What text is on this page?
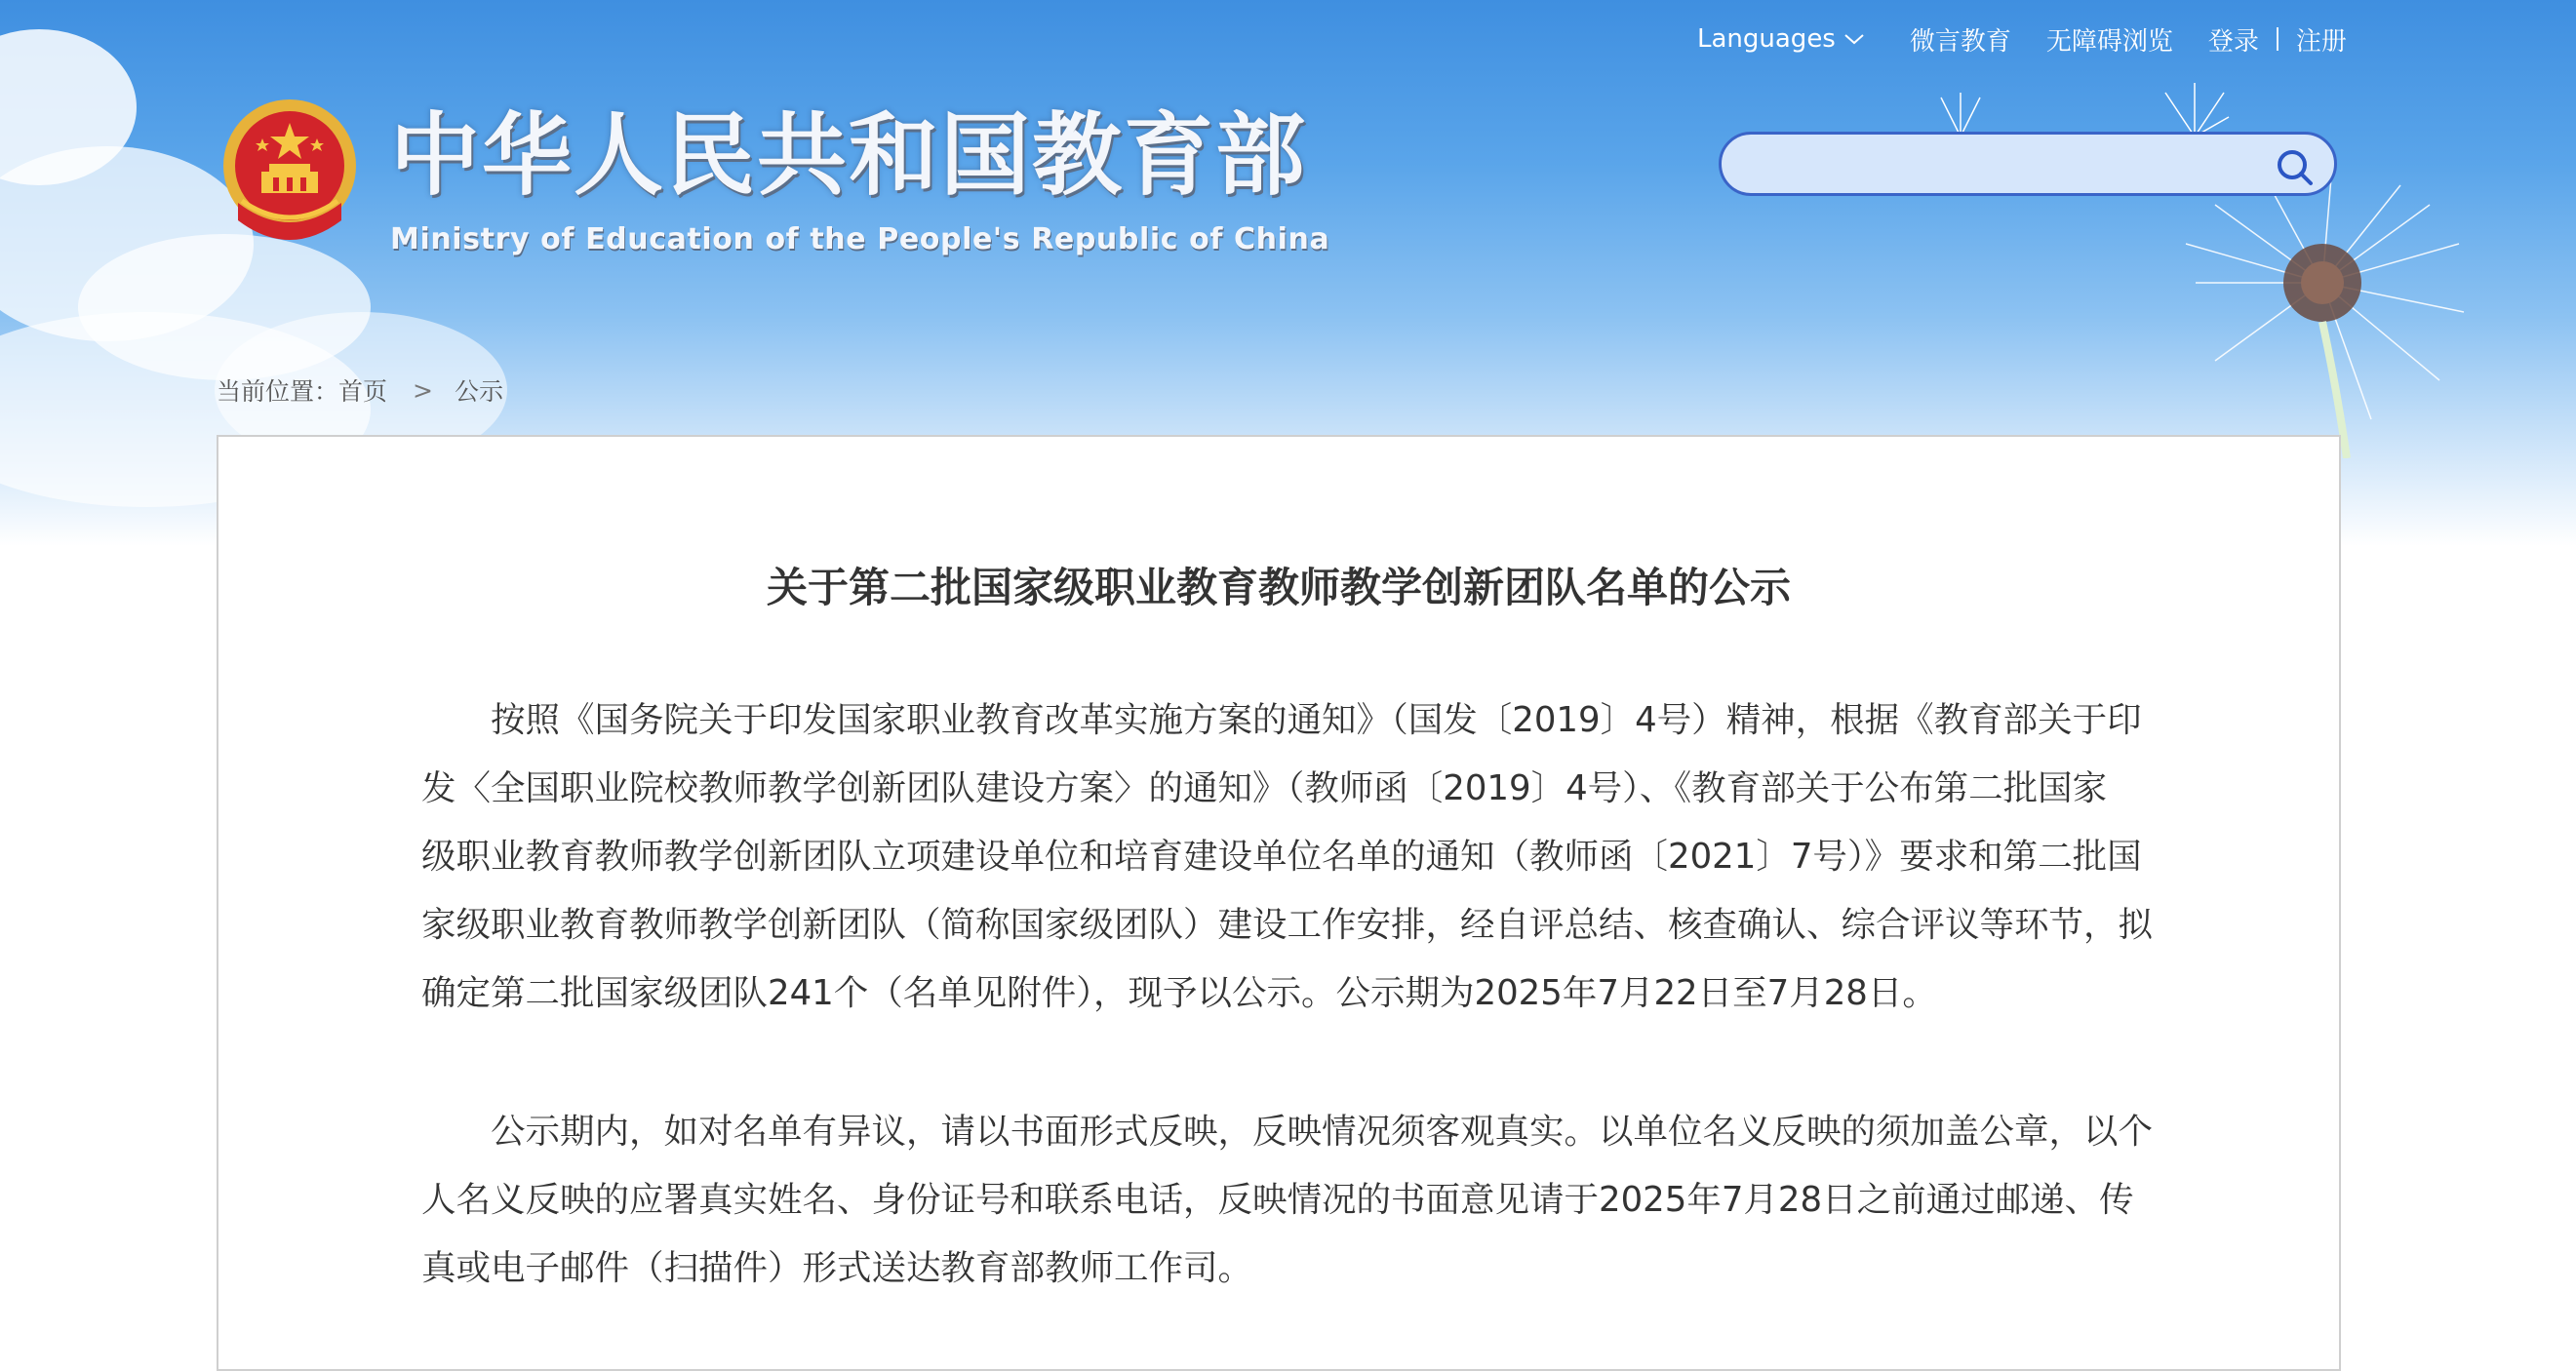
Languages	微言教育 无障碍浏览 登录 注册
中华人民共和国教育部
Ministry of Education of the People's Republic of China
当前位置： 首页 > 公示
关于第二批国家级职业教育教师教学创新团队名单的公示
按照《国务院关于印发国家职业教育改革实施方案的通知》（国发〔2019〕4号）精神，根据《教育部关于印
发〈全国职业院校教师教学创新团队建设方案〉的通知》（教师函〔2019〕4号）、《教育部关于公布第二批国家
级职业教育教师教学创新团队立项建设单位和培育建设单位名单的通知（教师函〔2021〕7号）》要求和第二批国
家级职业教育教师教学创新团队（简称国家级团队）建设工作安排，经自评总结、核查确认、综合评议等环节，拟
确定第二批国家级团队241个（名单见附件），现予以公示。公示期为2025年7月22日至7月28日。
公示期内，如对名单有异议，请以书面形式反映，反映情况须客观真实。以单位名义反映的须加盖公章，以个
人名义反映的应署真实姓名、身份证号和联系电话，反映情况的书面意见请于2025年7月28日之前通过邮递、传
真或电子邮件（扫描件）形式送达教育部教师工作司。
